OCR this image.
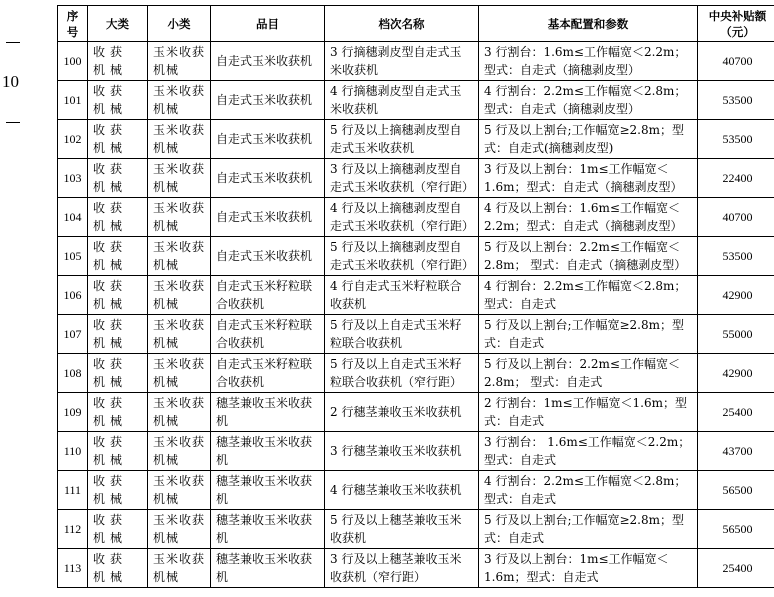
10
序号	大类	小类	品目	档次名称	基本配置和参数	中央补贴额（元）
100	收获机械	玉米收获机械	自走式玉米收获机	3 行摘穗剥皮型自走式玉米收获机	3 行割台：1.6m≤工作幅宽＜2.2m；型式：自走式（摘穗剥皮型）	40700
101	收获机械	玉米收获机械	自走式玉米收获机	4 行摘穗剥皮型自走式玉米收获机	4 行割台：2.2m≤工作幅宽＜2.8m；型式：自走式（摘穗剥皮型）	53500
102	收获机械	玉米收获机械	自走式玉米收获机	5 行及以上摘穗剥皮型自走式玉米收获机	5 行及以上割台;工作幅宽≥2.8m；型式：自走式(摘穗剥皮型)	53500
103	收获机械	玉米收获机械	自走式玉米收获机	3 行及以上摘穗剥皮型自走式玉米收获机（窄行距）	3 行及以上割台：1m≤工作幅宽＜1.6m；型式：自走式（摘穗剥皮型）	22400
104	收获机械	玉米收获机械	自走式玉米收获机	4 行及以上摘穗剥皮型自走式玉米收获机（窄行距）	4 行及以上割台：1.6m≤工作幅宽＜2.2m；型式：自走式（摘穗剥皮型）	40700
105	收获机械	玉米收获机械	自走式玉米收获机	5 行及以上摘穗剥皮型自走式玉米收获机（窄行距）	5 行及以上割台：2.2m≤工作幅宽＜2.8m； 型式：自走式（摘穗剥皮型）	53500
106	收获机械	玉米收获机械	自走式玉米籽粒联合收获机	4 行自走式玉米籽粒联合收获机	4 行割台：2.2m≤工作幅宽＜2.8m；型式：自走式	42900
107	收获机械	玉米收获机械	自走式玉米籽粒联合收获机	5 行及以上自走式玉米籽粒联合收获机	5 行及以上割台;工作幅宽≥2.8m；型式：自走式	55000
108	收获机械	玉米收获机械	自走式玉米籽粒联合收获机	5 行及以上自走式玉米籽粒联合收获机（窄行距）	5 行及以上割台：2.2m≤工作幅宽＜2.8m； 型式：自走式	42900
109	收获机械	玉米收获机械	穗茎兼收玉米收获机	2 行穗茎兼收玉米收获机	2 行割台：1m≤工作幅宽＜1.6m；型式：自走式	25400
110	收获机械	玉米收获机械	穗茎兼收玉米收获机	3 行穗茎兼收玉米收获机	3 行割台： 1.6m≤工作幅宽＜2.2m；型式：自走式	43700
111	收获机械	玉米收获机械	穗茎兼收玉米收获机	4 行穗茎兼收玉米收获机	4 行割台：2.2m≤工作幅宽＜2.8m；型式：自走式	56500
112	收获机械	玉米收获机械	穗茎兼收玉米收获机	5 行及以上穗茎兼收玉米收获机	5 行及以上割台;工作幅宽≥2.8m；型式：自走式	56500
113	收获机械	玉米收获机械	穗茎兼收玉米收获机	3 行及以上穗茎兼收玉米收获机（窄行距）	3 行及以上割台：1m≤工作幅宽＜1.6m；型式：自走式	25400
